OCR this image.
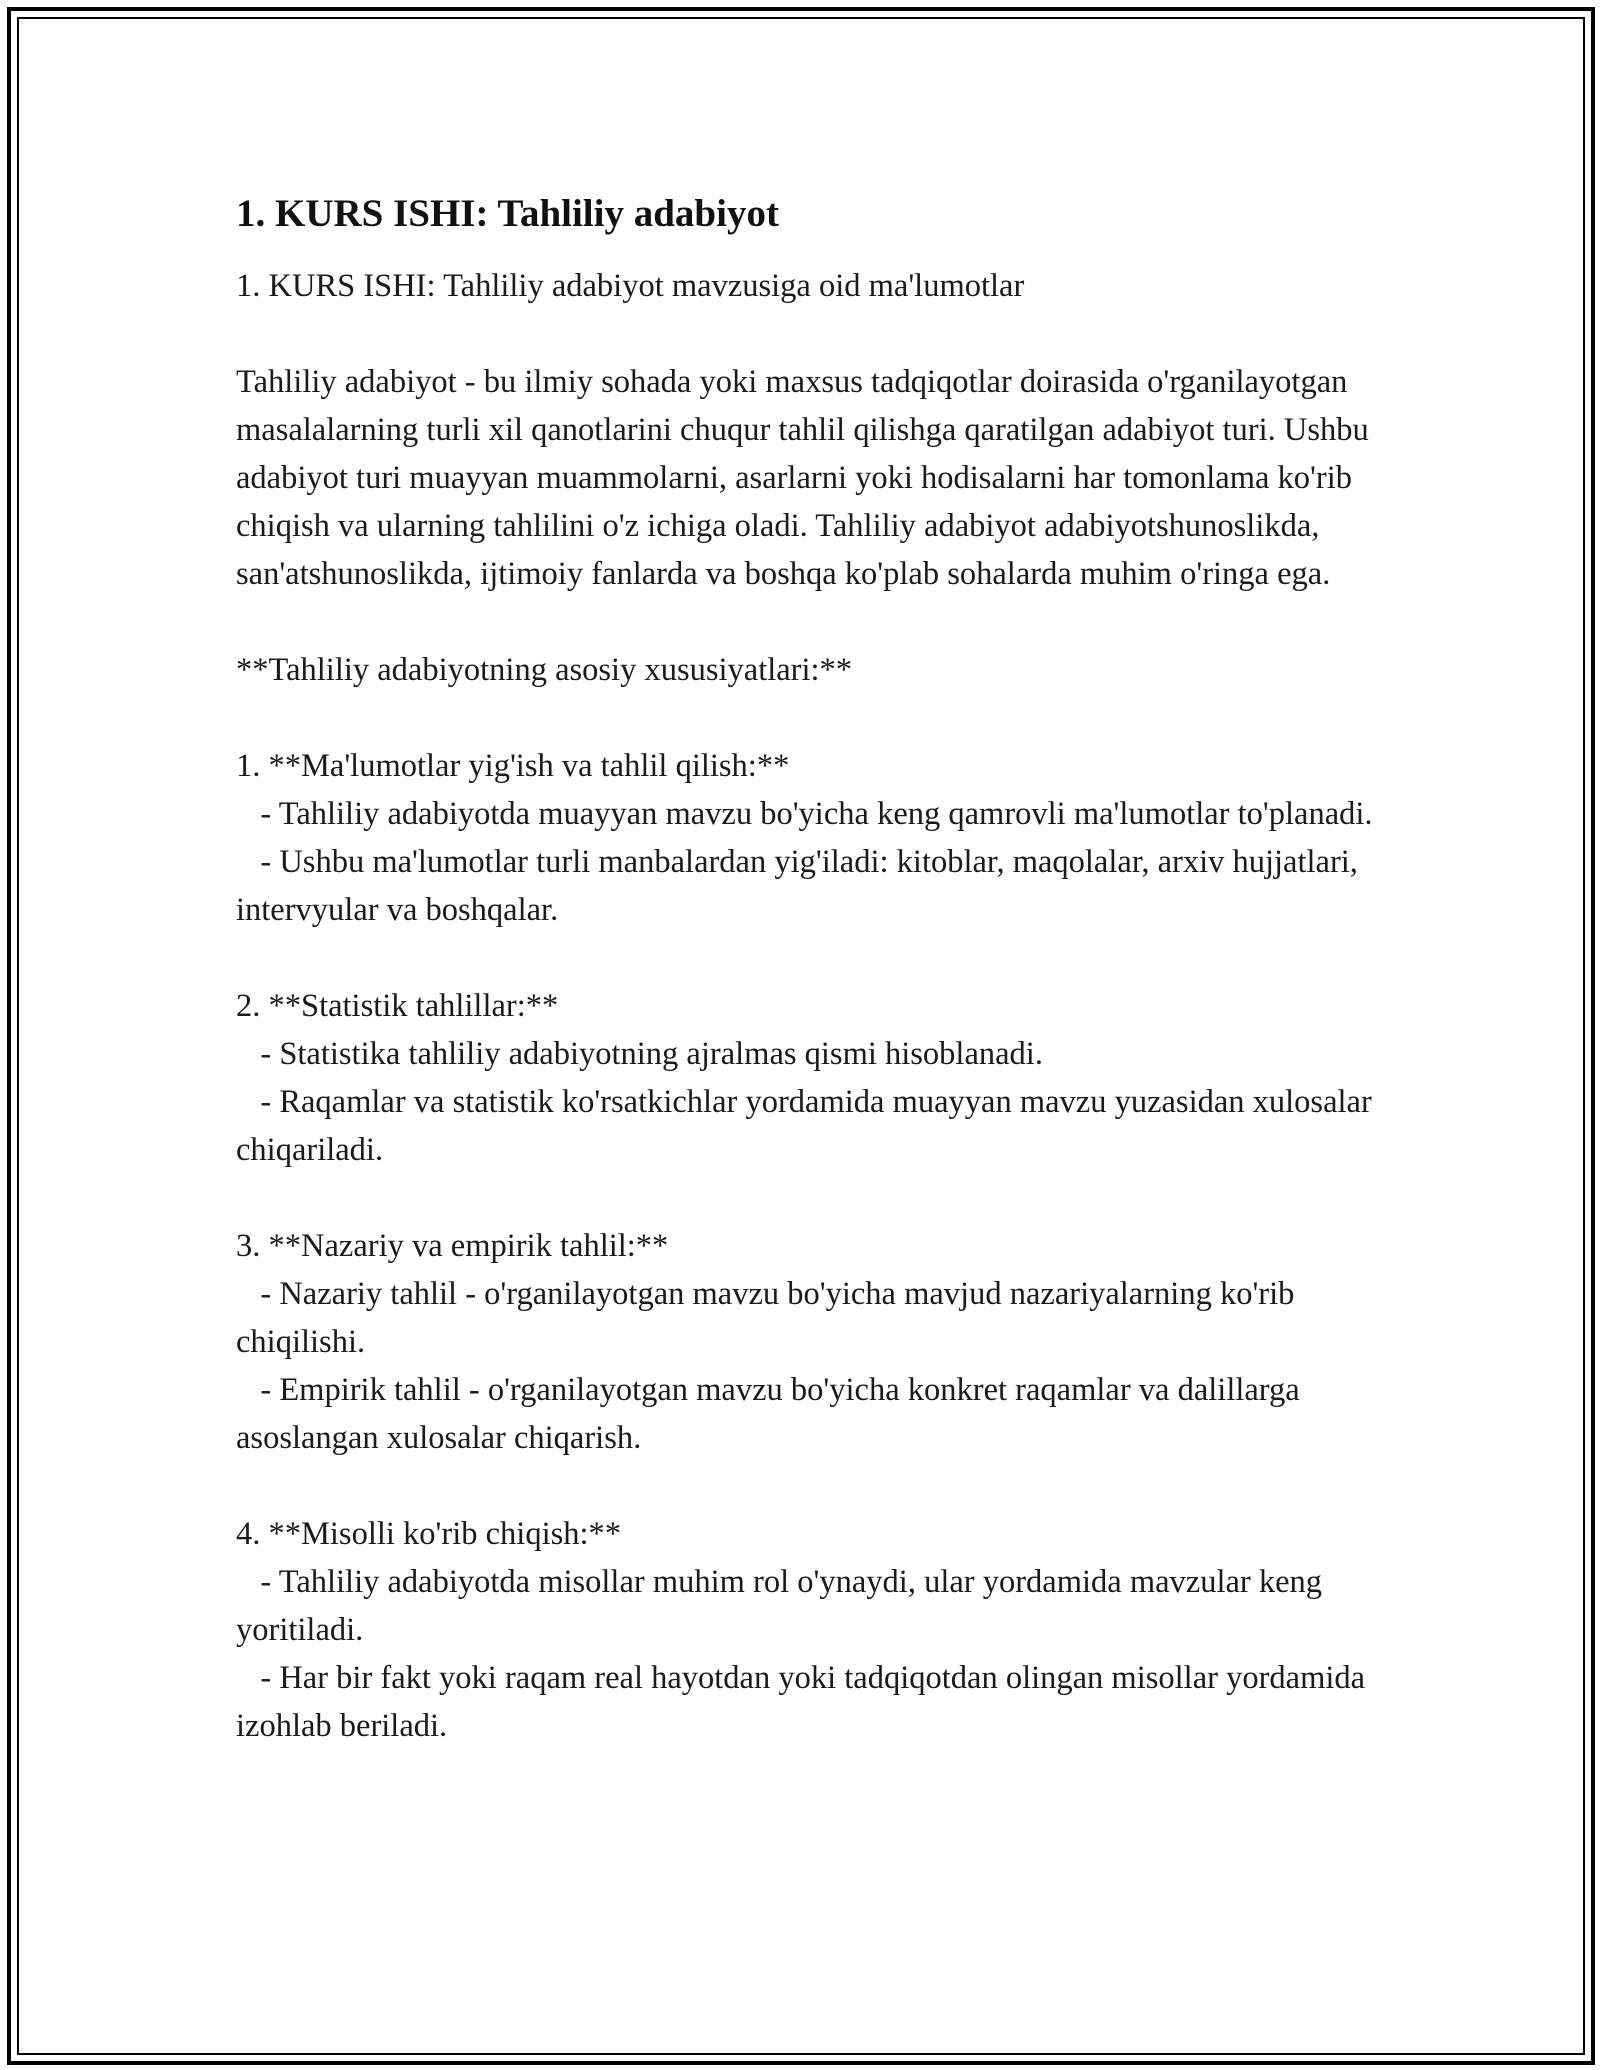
1. KURS ISHI: Tahliliy adabiyot

1. KURS ISHI: Tahliliy adabiyot mavzusiga oid ma'lumotlar

Tahliliy adabiyot - bu ilmiy sohada yoki maxsus tadqiqotlar doirasida o'rganilayotgan masalalarning turli xil qanotlarini chuqur tahlil qilishga qaratilgan adabiyot turi. Ushbu adabiyot turi muayyan muammolarni, asarlarni yoki hodisalarni har tomonlama ko'rib chiqish va ularning tahlilini o'z ichiga oladi. Tahliliy adabiyot adabiyotshunoslikda, san'atshunoslikda, ijtimoiy fanlarda va boshqa ko'plab sohalarda muhim o'ringa ega.

**Tahliliy adabiyotning asosiy xususiyatlari:**

1. **Ma'lumotlar yig'ish va tahlil qilish:**

- Tahliliy adabiyotda muayyan mavzu bo'yicha keng qamrovli ma'lumotlar to'planadi.

- Ushbu ma'lumotlar turli manbalardan yig'iladi: kitoblar, maqolalar, arxiv hujjatlari, intervyular va boshqalar.

2. **Statistik tahlillar:**

- Statistika tahliliy adabiyotning ajralmas qismi hisoblanadi.

- Raqamlar va statistik ko'rsatkichlar yordamida muayyan mavzu yuzasidan xulosalar chiqariladi.

3. **Nazariy va empirik tahlil:**

- Nazariy tahlil - o'rganilayotgan mavzu bo'yicha mavjud nazariyalarning ko'rib chiqilishi.

- Empirik tahlil - o'rganilayotgan mavzu bo'yicha konkret raqamlar va dalillarga asoslangan xulosalar chiqarish.

4. **Misolli ko'rib chiqish:**

- Tahliliy adabiyotda misollar muhim rol o'ynaydi, ular yordamida mavzular keng yoritiladi.

- Har bir fakt yoki raqam real hayotdan yoki tadqiqotdan olingan misollar yordamida izohlab beriladi.
